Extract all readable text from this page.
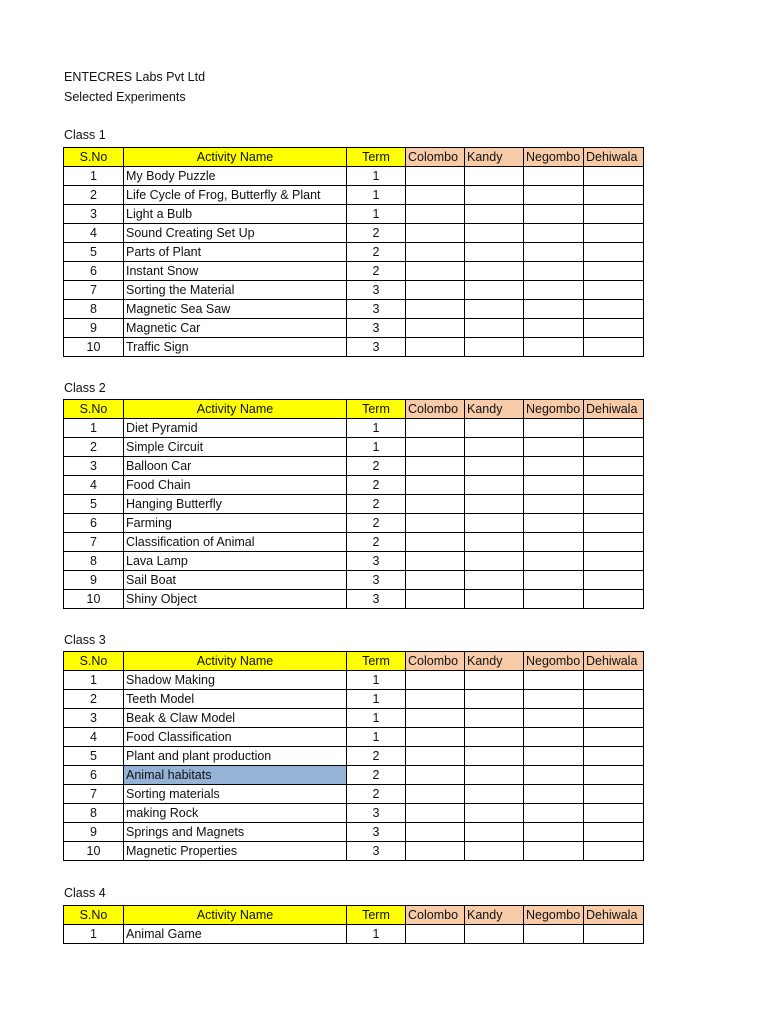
ENTECRES Labs Pvt Ltd
Selected Experiments
Class 1
S.No	Activity Name	Term	Colombo	Kandy	Negombo	Dehiwala
1	My Body Puzzle	1				
2	Life Cycle of Frog, Butterfly & Plant	1				
3	Light a Bulb	1				
4	Sound Creating Set Up	2				
5	Parts of Plant	2				
6	Instant Snow	2				
7	Sorting the Material	3				
8	Magnetic Sea Saw	3				
9	Magnetic Car	3				
10	Traffic Sign	3				
Class 2
S.No	Activity Name	Term	Colombo	Kandy	Negombo	Dehiwala
1	Diet Pyramid	1				
2	Simple Circuit	1				
3	Balloon Car	2				
4	Food Chain	2				
5	Hanging Butterfly	2				
6	Farming	2				
7	Classification of Animal	2				
8	Lava Lamp	3				
9	Sail Boat	3				
10	Shiny Object	3				
Class 3
S.No	Activity Name	Term	Colombo	Kandy	Negombo	Dehiwala
1	Shadow Making	1				
2	Teeth Model	1				
3	Beak & Claw Model	1				
4	Food Classification	1				
5	Plant and plant production	2				
6	Animal habitats	2				
7	Sorting materials	2				
8	making Rock	3				
9	Springs and Magnets	3				
10	Magnetic Properties	3				
Class 4
S.No	Activity Name	Term	Colombo	Kandy	Negombo	Dehiwala
1	Animal Game	1				
